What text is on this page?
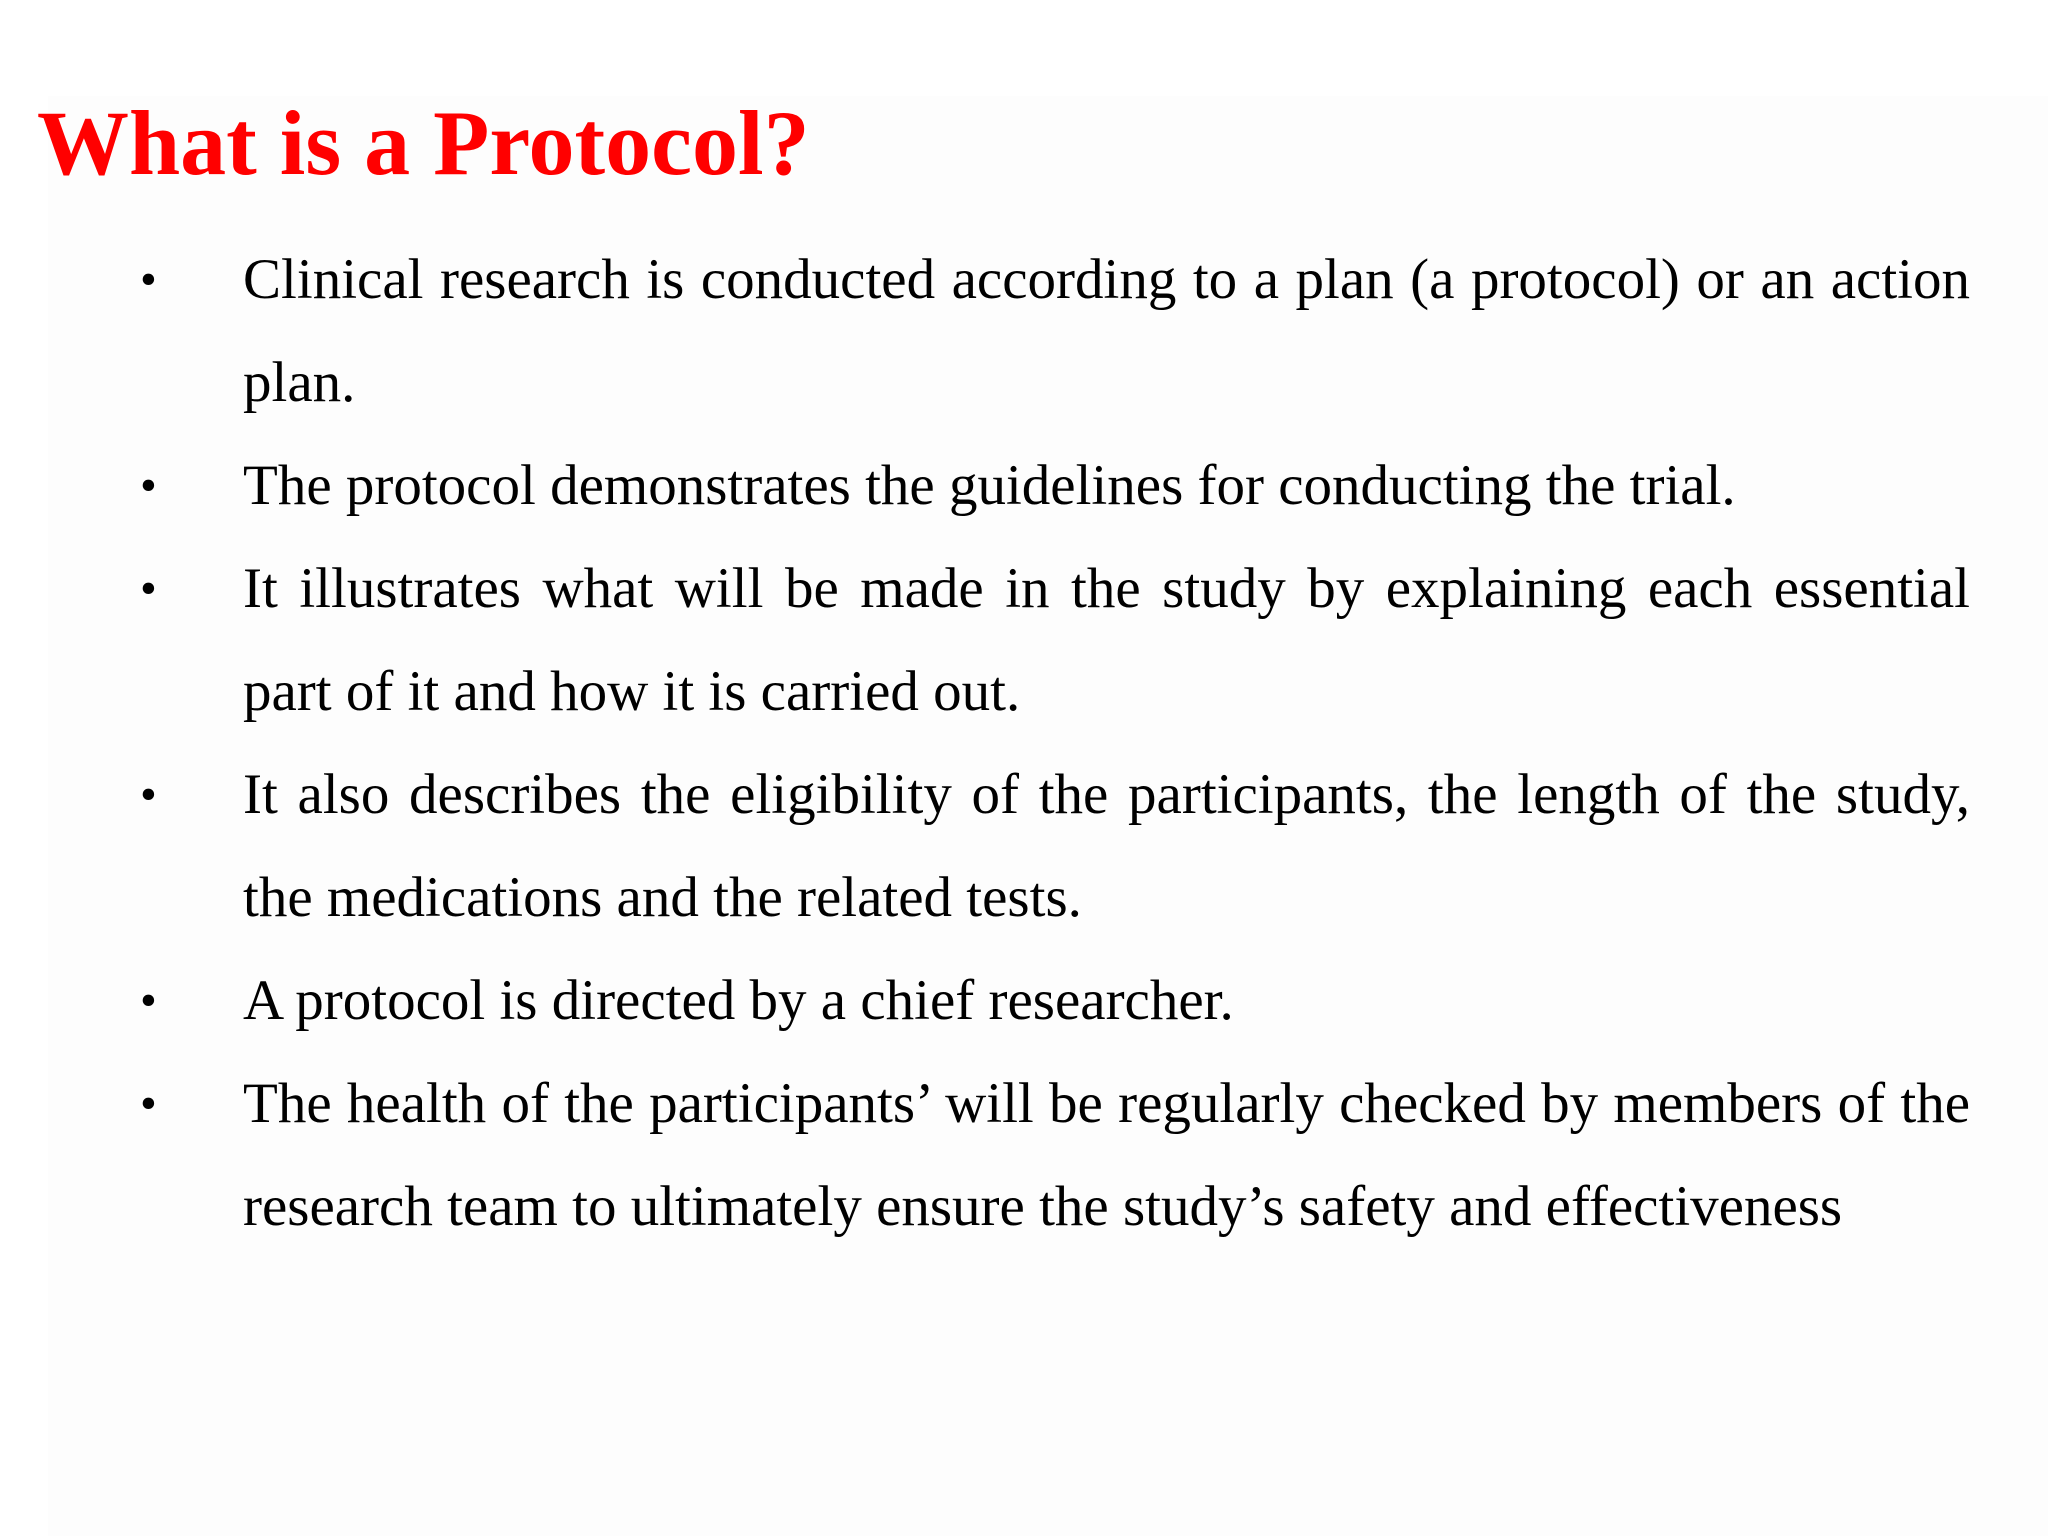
What is a Protocol?
• Clinical research is conducted according to a plan (a protocol) or an action plan.
• The protocol demonstrates the guidelines for conducting the trial.
• It illustrates what will be made in the study by explaining each essential part of it and how it is carried out.
• It also describes the eligibility of the participants, the length of the study, the medications and the related tests.
• A protocol is directed by a chief researcher.
• The health of the participants’ will be regularly checked by members of the research team to ultimately ensure the study’s safety and effectiveness
